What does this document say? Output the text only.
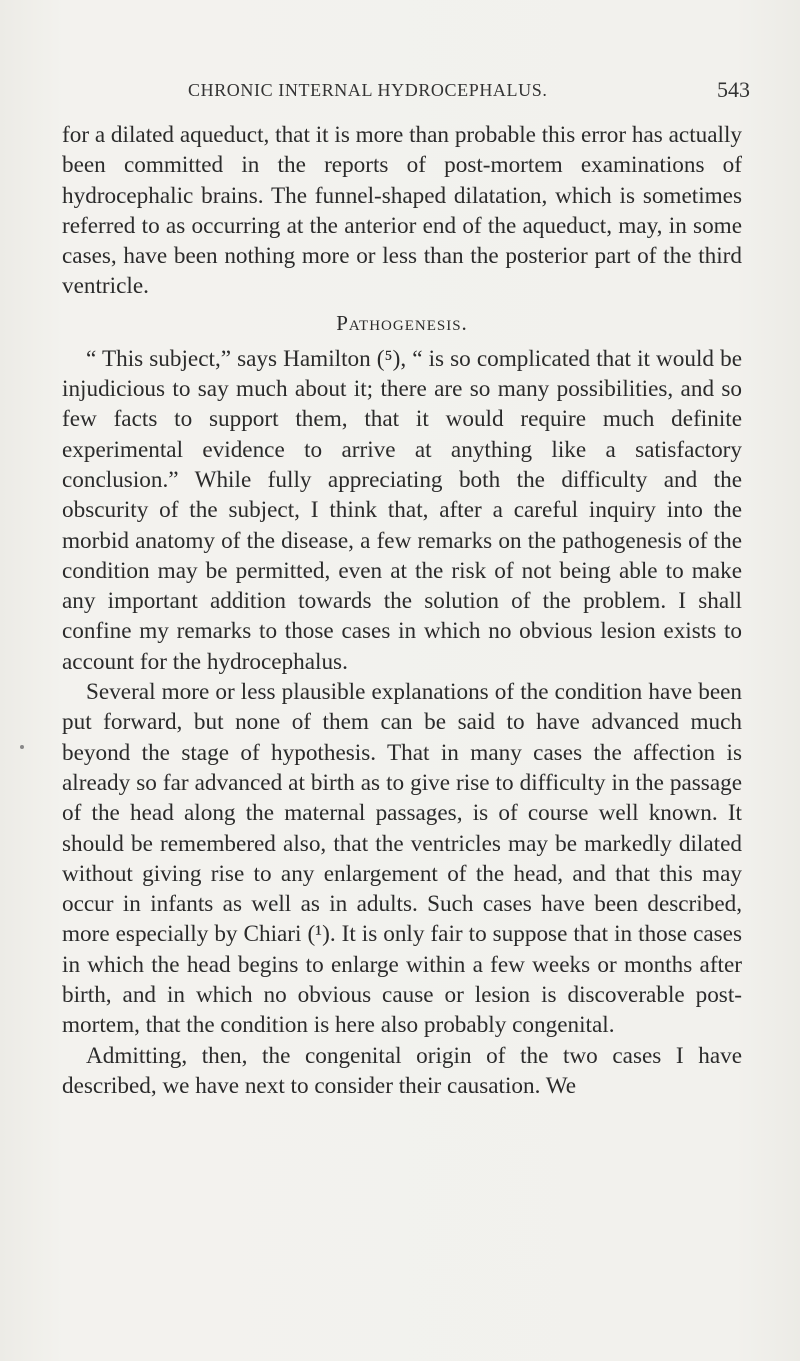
CHRONIC INTERNAL HYDROCEPHALUS.	543

for a dilated aqueduct, that it is more than probable this error has actually been committed in the reports of post-mortem examinations of hydrocephalic brains. The funnel-shaped dilatation, which is sometimes referred to as occurring at the anterior end of the aqueduct, may, in some cases, have been nothing more or less than the posterior part of the third ventricle.

Pathogenesis.

“ This subject,” says Hamilton (⁵), “ is so complicated that it would be injudicious to say much about it; there are so many possibilities, and so few facts to support them, that it would require much definite experimental evidence to arrive at anything like a satisfactory conclusion.” While fully appreciating both the difficulty and the obscurity of the subject, I think that, after a careful inquiry into the morbid anatomy of the disease, a few remarks on the pathogenesis of the condition may be permitted, even at the risk of not being able to make any important addition towards the solution of the problem. I shall confine my remarks to those cases in which no obvious lesion exists to account for the hydrocephalus.

Several more or less plausible explanations of the condition have been put forward, but none of them can be said to have advanced much beyond the stage of hypothesis. That in many cases the affection is already so far advanced at birth as to give rise to difficulty in the passage of the head along the maternal passages, is of course well known. It should be remembered also, that the ventricles may be markedly dilated without giving rise to any enlargement of the head, and that this may occur in infants as well as in adults. Such cases have been described, more especially by Chiari (¹). It is only fair to suppose that in those cases in which the head begins to enlarge within a few weeks or months after birth, and in which no obvious cause or lesion is discoverable post-mortem, that the condition is here also probably congenital.

Admitting, then, the congenital origin of the two cases I have described, we have next to consider their causation. We
